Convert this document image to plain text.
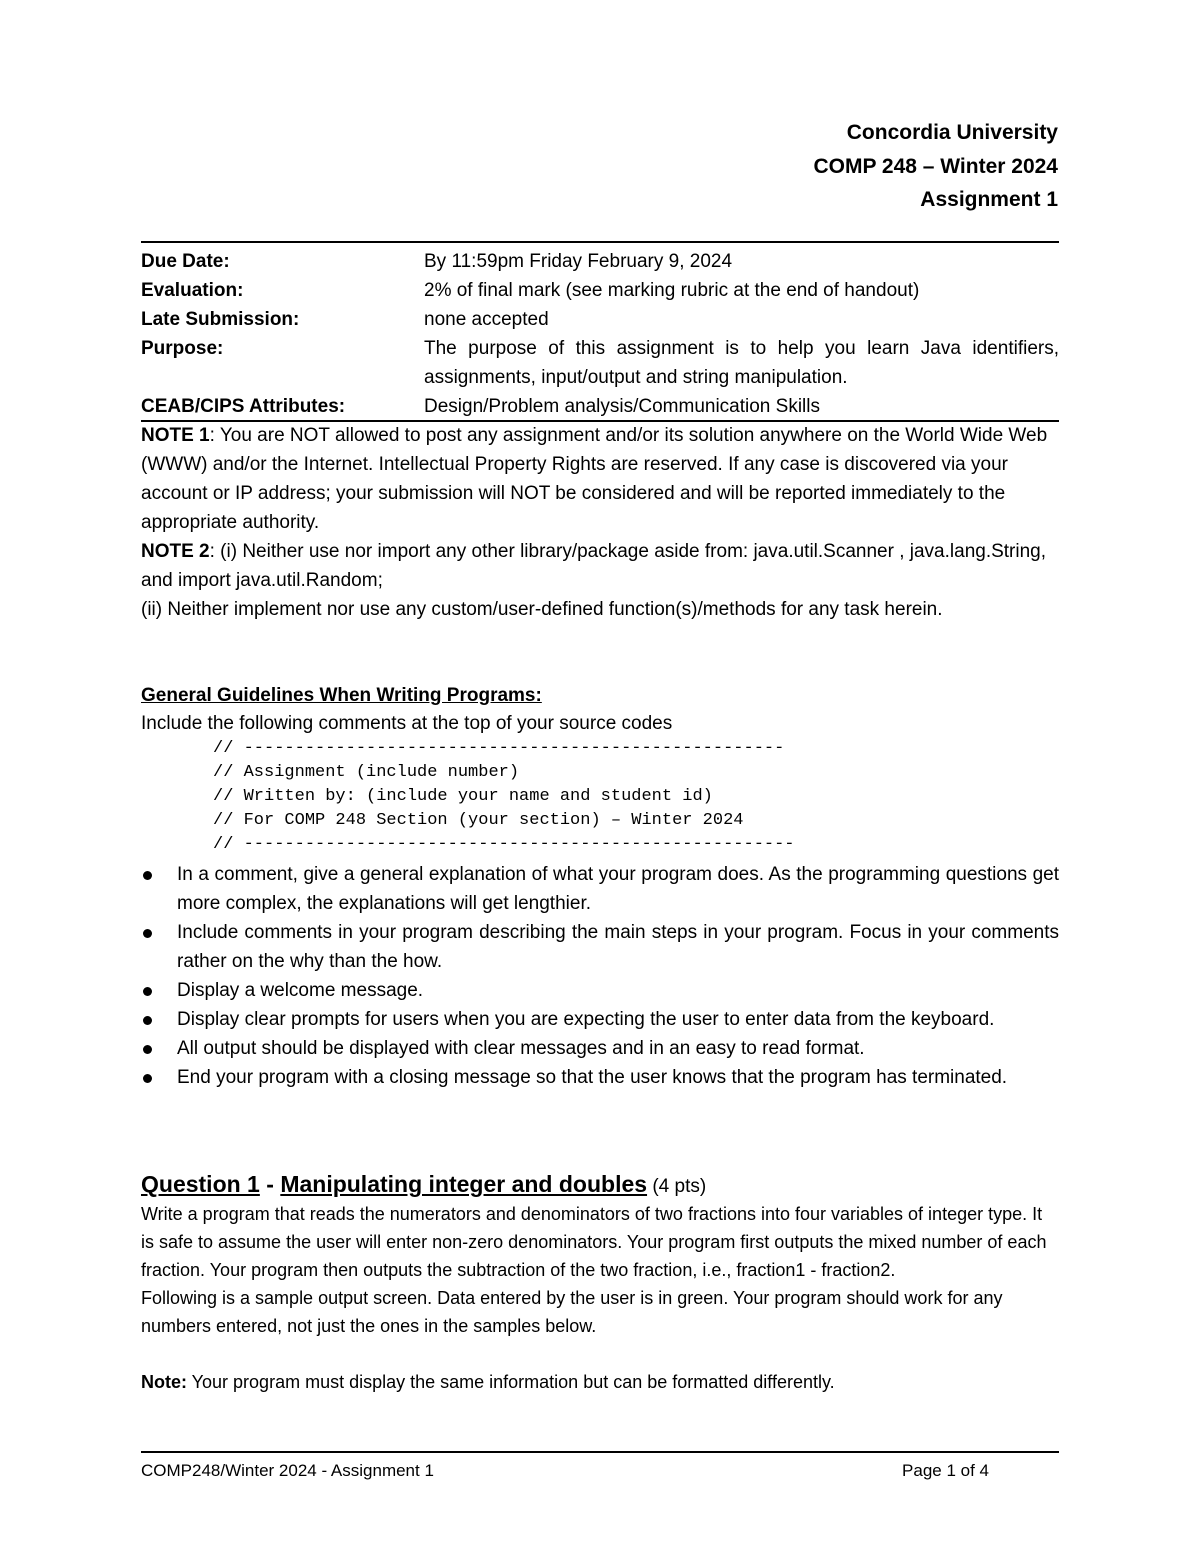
Concordia University
COMP 248 – Winter 2024
Assignment 1
Due Date:	By 11:59pm Friday February 9, 2024
Evaluation:	2% of final mark (see marking rubric at the end of handout)
Late Submission:	none accepted
Purpose:	The purpose of this assignment is to help you learn Java identifiers, assignments, input/output and string manipulation.
CEAB/CIPS Attributes:	Design/Problem analysis/Communication Skills

NOTE 1: You are NOT allowed to post any assignment and/or its solution anywhere on the World Wide Web (WWW) and/or the Internet. Intellectual Property Rights are reserved. If any case is discovered via your account or IP address; your submission will NOT be considered and will be reported immediately to the appropriate authority.

NOTE 2: (i) Neither use nor import any other library/package aside from: java.util.Scanner , java.lang.String, and import java.util.Random;

(ii) Neither implement nor use any custom/user-defined function(s)/methods for any task herein.

General Guidelines When Writing Programs:
Include the following comments at the top of your source codes
// -----------------------------------------------------
// Assignment (include number)
// Written by: (include your name and student id)
// For COMP 248 Section (your section) – Winter 2024
// ------------------------------------------------------
In a comment, give a general explanation of what your program does. As the programming questions get more complex, the explanations will get lengthier.
Include comments in your program describing the main steps in your program. Focus in your comments rather on the why than the how.
Display a welcome message.
Display clear prompts for users when you are expecting the user to enter data from the keyboard.
All output should be displayed with clear messages and in an easy to read format.
End your program with a closing message so that the user knows that the program has terminated.
Question 1 - Manipulating integer and doubles (4 pts)

Write a program that reads the numerators and denominators of two fractions into four variables of integer type. It is safe to assume the user will enter non-zero denominators. Your program first outputs the mixed number of each fraction. Your program then outputs the subtraction of the two fraction, i.e., fraction1 - fraction2.

Following is a sample output screen. Data entered by the user is in green. Your program should work for any numbers entered, not just the ones in the samples below.

Note: Your program must display the same information but can be formatted differently.

COMP248/Winter 2024 - Assignment 1	Page 1 of 4
